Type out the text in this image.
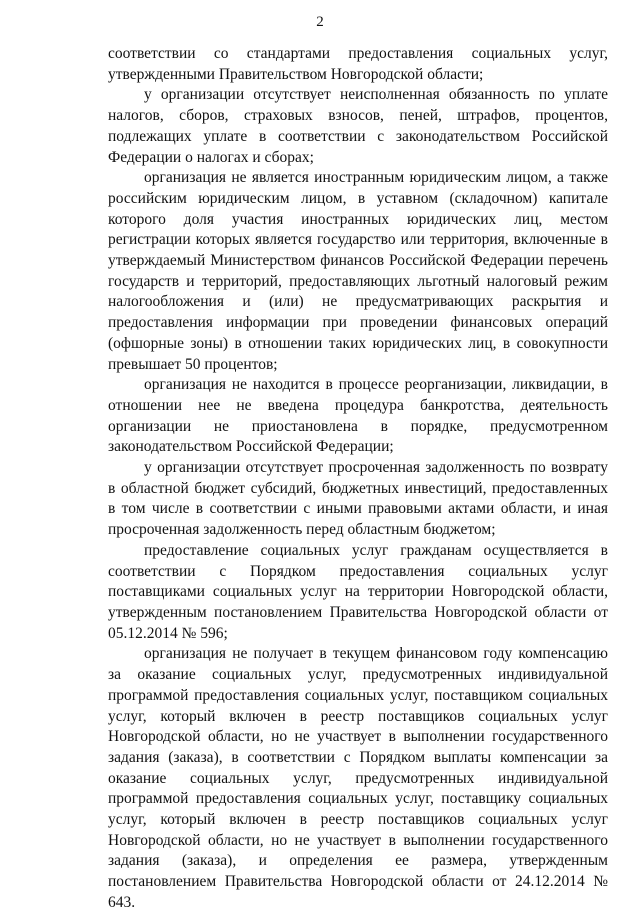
2

соответствии со стандартами предоставления социальных услуг, утвержденными Правительством Новгородской области;

у организации отсутствует неисполненная обязанность по уплате налогов, сборов, страховых взносов, пеней, штрафов, процентов, подлежащих уплате в соответствии с законодательством Российской Федерации о налогах и сборах;

организация не является иностранным юридическим лицом, а также российским юридическим лицом, в уставном (складочном) капитале которого доля участия иностранных юридических лиц, местом регистрации которых является государство или территория, включенные в утверждаемый Министерством финансов Российской Федерации перечень государств и территорий, предоставляющих льготный налоговый режим налогообложения и (или) не предусматривающих раскрытия и предоставления информации при проведении финансовых операций (офшорные зоны) в отношении таких юридических лиц, в совокупности превышает 50 процентов;

организация не находится в процессе реорганизации, ликвидации, в отношении нее не введена процедура банкротства, деятельность организации не приостановлена в порядке, предусмотренном законодательством Российской Федерации;

у организации отсутствует просроченная задолженность по возврату в областной бюджет субсидий, бюджетных инвестиций, предоставленных в том числе в соответствии с иными правовыми актами области, и иная просроченная задолженность перед областным бюджетом;

предоставление социальных услуг гражданам осуществляется в соответствии с Порядком предоставления социальных услуг поставщиками социальных услуг на территории Новгородской области, утвержденным постановлением Правительства Новгородской области от 05.12.2014 № 596;

организация не получает в текущем финансовом году компенсацию за оказание социальных услуг, предусмотренных индивидуальной программой предоставления социальных услуг, поставщиком социальных услуг, который включен в реестр поставщиков социальных услуг Новгородской области, но не участвует в выполнении государственного задания (заказа), в соответствии с Порядком выплаты компенсации за оказание социальных услуг, предусмотренных индивидуальной программой предоставления социальных услуг, поставщику социальных услуг, который включен в реестр поставщиков социальных услуг Новгородской области, но не участвует в выполнении государственного задания (заказа), и определения ее размера, утвержденным постановлением Правительства Новгородской области от 24.12.2014 № 643.
